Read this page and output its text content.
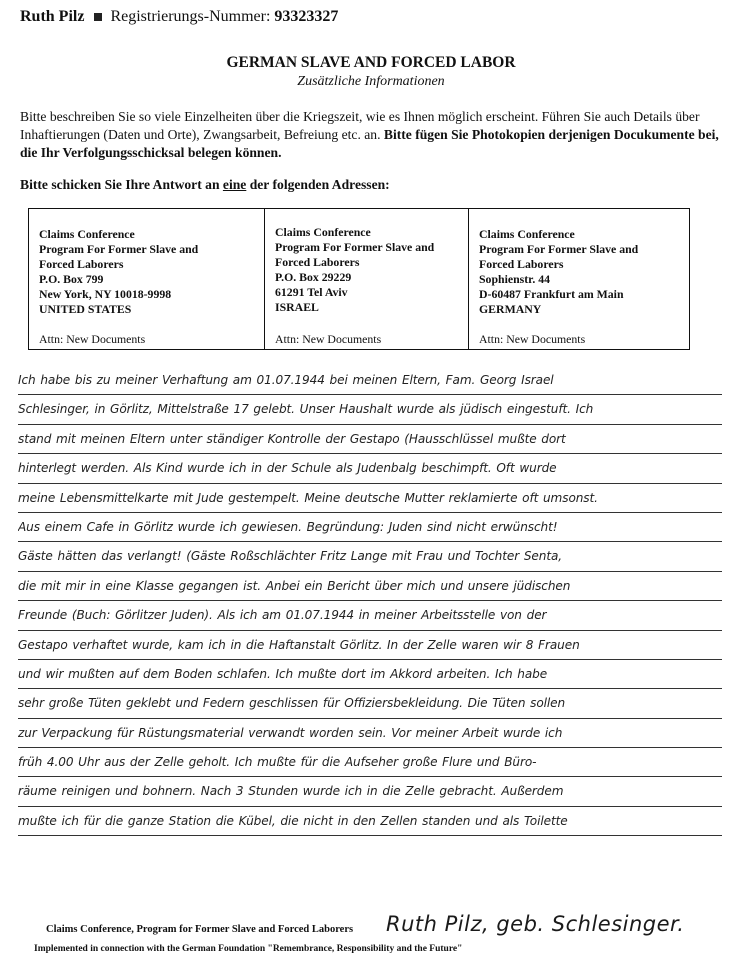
Ruth Pilz Registrierungs-Nummer: 93323327
GERMAN SLAVE AND FORCED LABOR
Zusätzliche Informationen
Bitte beschreiben Sie so viele Einzelheiten über die Kriegszeit, wie es Ihnen möglich erscheint. Führen Sie auch Details über Inhaftierungen (Daten und Orte), Zwangsarbeit, Befreiung etc. an. Bitte fügen Sie Photokopien derjenigen Docukumente bei, die Ihr Verfolgungsschicksal belegen können.
Bitte schicken Sie Ihre Antwort an eine der folgenden Adressen:
Claims Conference
Program For Former Slave and
Forced Laborers
P.O. Box 799
New York, NY 10018-9998
UNITED STATES
Attn: New Documents
Claims Conference
Program For Former Slave and
Forced Laborers
P.O. Box 29229
61291 Tel Aviv
ISRAEL
Attn: New Documents
Claims Conference
Program For Former Slave and
Forced Laborers
Sophienstr. 44
D-60487 Frankfurt am Main
GERMANY
Attn: New Documents
Ich habe bis zu meiner Verhaftung am 01.07.1944 bei meinen Eltern, Fam. Georg Israel
Schlesinger, in Görlitz, Mittelstraße 17 gelebt. Unser Haushalt wurde als jüdisch eingestuft. Ich
stand mit meinen Eltern unter ständiger Kontrolle der Gestapo (Hausschlüssel mußte dort
hinterlegt werden. Als Kind wurde ich in der Schule als Judenbalg beschimpft. Oft wurde
meine Lebensmittelkarte mit Jude gestempelt. Meine deutsche Mutter reklamierte oft umsonst.
Aus einem Cafe in Görlitz wurde ich gewiesen. Begründung: Juden sind nicht erwünscht!
Gäste hätten das verlangt! (Gäste Roßschlächter Fritz Lange mit Frau und Tochter Senta,
die mit mir in eine Klasse gegangen ist. Anbei ein Bericht über mich und unsere jüdischen
Freunde (Buch: Görlitzer Juden). Als ich am 01.07.1944 in meiner Arbeitsstelle von der
Gestapo verhaftet wurde, kam ich in die Haftanstalt Görlitz. In der Zelle waren wir 8 Frauen
und wir mußten auf dem Boden schlafen. Ich mußte dort im Akkord arbeiten. Ich habe
sehr große Tüten geklebt und Federn geschlissen für Offiziersbekleidung. Die Tüten sollen
zur Verpackung für Rüstungsmaterial verwandt worden sein. Vor meiner Arbeit wurde ich
früh 4.00 Uhr aus der Zelle geholt. Ich mußte für die Aufseher große Flure und Büro-
räume reinigen und bohnern. Nach 3 Stunden wurde ich in die Zelle gebracht. Außerdem
mußte ich für die ganze Station die Kübel, die nicht in den Zellen standen und als Toilette
Claims Conference, Program for Former Slave and Forced Laborers
Implemented in connection with the German Foundation "Remembrance, Responsibility and the Future"
Ruth Pilz, geb. Schlesinger.
